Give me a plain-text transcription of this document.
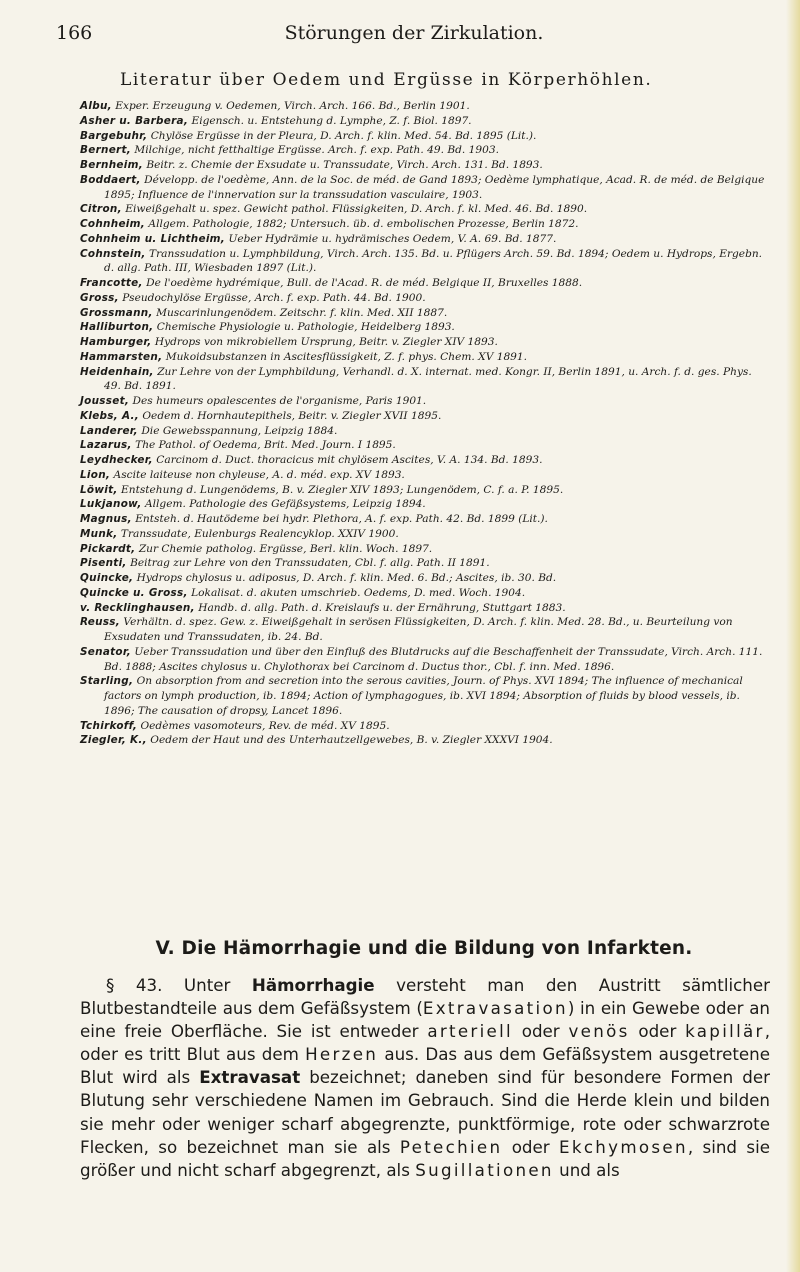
166	Störungen der Zirkulation.
Literatur über Oedem und Ergüsse in Körperhöhlen.

Albu, Exper. Erzeugung v. Oedemen, Virch. Arch. 166. Bd., Berlin 1901.

Asher u. Barbera, Eigensch. u. Entstehung d. Lymphe, Z. f. Biol. 1897.

Bargebuhr, Chylöse Ergüsse in der Pleura, D. Arch. f. klin. Med. 54. Bd. 1895 (Lit.).

Bernert, Milchige, nicht fetthaltige Ergüsse. Arch. f. exp. Path. 49. Bd. 1903.

Bernheim, Beitr. z. Chemie der Exsudate u. Transsudate, Virch. Arch. 131. Bd. 1893.

Boddaert, Développ. de l'oedème, Ann. de la Soc. de méd. de Gand 1893; Oedème lymphatique, Acad. R. de méd. de Belgique 1895; Influence de l'innervation sur la transsudation vasculaire, 1903.

Citron, Eiweißgehalt u. spez. Gewicht pathol. Flüssigkeiten, D. Arch. f. kl. Med. 46. Bd. 1890.

Cohnheim, Allgem. Pathologie, 1882; Untersuch. üb. d. embolischen Prozesse, Berlin 1872.

Cohnheim u. Lichtheim, Ueber Hydrämie u. hydrämisches Oedem, V. A. 69. Bd. 1877.

Cohnstein, Transsudation u. Lymphbildung, Virch. Arch. 135. Bd. u. Pflügers Arch. 59. Bd. 1894; Oedem u. Hydrops, Ergebn. d. allg. Path. III, Wiesbaden 1897 (Lit.).

Francotte, De l'oedème hydrémique, Bull. de l'Acad. R. de méd. Belgique II, Bruxelles 1888.

Gross, Pseudochylöse Ergüsse, Arch. f. exp. Path. 44. Bd. 1900.

Grossmann, Muscarinlungenödem. Zeitschr. f. klin. Med. XII 1887.

Halliburton, Chemische Physiologie u. Pathologie, Heidelberg 1893.

Hamburger, Hydrops von mikrobiellem Ursprung, Beitr. v. Ziegler XIV 1893.

Hammarsten, Mukoidsubstanzen in Ascitesflüssigkeit, Z. f. phys. Chem. XV 1891.

Heidenhain, Zur Lehre von der Lymphbildung, Verhandl. d. X. internat. med. Kongr. II, Berlin 1891, u. Arch. f. d. ges. Phys. 49. Bd. 1891.

Jousset, Des humeurs opalescentes de l'organisme, Paris 1901.

Klebs, A., Oedem d. Hornhautepithels, Beitr. v. Ziegler XVII 1895.

Landerer, Die Gewebsspannung, Leipzig 1884.

Lazarus, The Pathol. of Oedema, Brit. Med. Journ. I 1895.

Leydhecker, Carcinom d. Duct. thoracicus mit chylösem Ascites, V. A. 134. Bd. 1893.

Lion, Ascite laiteuse non chyleuse, A. d. méd. exp. XV 1893.

Löwit, Entstehung d. Lungenödems, B. v. Ziegler XIV 1893; Lungenödem, C. f. a. P. 1895.

Lukjanow, Allgem. Pathologie des Gefäßsystems, Leipzig 1894.

Magnus, Entsteh. d. Hautödeme bei hydr. Plethora, A. f. exp. Path. 42. Bd. 1899 (Lit.).

Munk, Transsudate, Eulenburgs Realencyklop. XXIV 1900.

Pickardt, Zur Chemie patholog. Ergüsse, Berl. klin. Woch. 1897.

Pisenti, Beitrag zur Lehre von den Transsudaten, Cbl. f. allg. Path. II 1891.

Quincke, Hydrops chylosus u. adiposus, D. Arch. f. klin. Med. 6. Bd.; Ascites, ib. 30. Bd.

Quincke u. Gross, Lokalisat. d. akuten umschrieb. Oedems, D. med. Woch. 1904.

v. Recklinghausen, Handb. d. allg. Path. d. Kreislaufs u. der Ernährung, Stuttgart 1883.

Reuss, Verhältn. d. spez. Gew. z. Eiweißgehalt in serösen Flüssigkeiten, D. Arch. f. klin. Med. 28. Bd., u. Beurteilung von Exsudaten und Transsudaten, ib. 24. Bd.

Senator, Ueber Transsudation und über den Einfluß des Blutdrucks auf die Beschaffenheit der Transsudate, Virch. Arch. 111. Bd. 1888; Ascites chylosus u. Chylothorax bei Carcinom d. Ductus thor., Cbl. f. inn. Med. 1896.

Starling, On absorption from and secretion into the serous cavities, Journ. of Phys. XVI 1894; The influence of mechanical factors on lymph production, ib. 1894; Action of lymphagogues, ib. XVI 1894; Absorption of fluids by blood vessels, ib. 1896; The causation of dropsy, Lancet 1896.

Tchirkoff, Oedèmes vasomoteurs, Rev. de méd. XV 1895.

Ziegler, K., Oedem der Haut und des Unterhautzellgewebes, B. v. Ziegler XXXVI 1904.

V. Die Hämorrhagie und die Bildung von Infarkten.
§ 43. Unter Hämorrhagie versteht man den Austritt sämtlicher Blutbestandteile aus dem Gefäßsystem (Extravasation) in ein Gewebe oder an eine freie Oberfläche. Sie ist entweder arteriell oder venös oder kapillär, oder es tritt Blut aus dem Herzen aus. Das aus dem Gefäßsystem ausgetretene Blut wird als Extravasat bezeichnet; daneben sind für besondere Formen der Blutung sehr verschiedene Namen im Gebrauch. Sind die Herde klein und bilden sie mehr oder weniger scharf abgegrenzte, punktförmige, rote oder schwarzrote Flecken, so bezeichnet man sie als Petechien oder Ekchymosen, sind sie größer und nicht scharf abgegrenzt, als Sugillationen und als
